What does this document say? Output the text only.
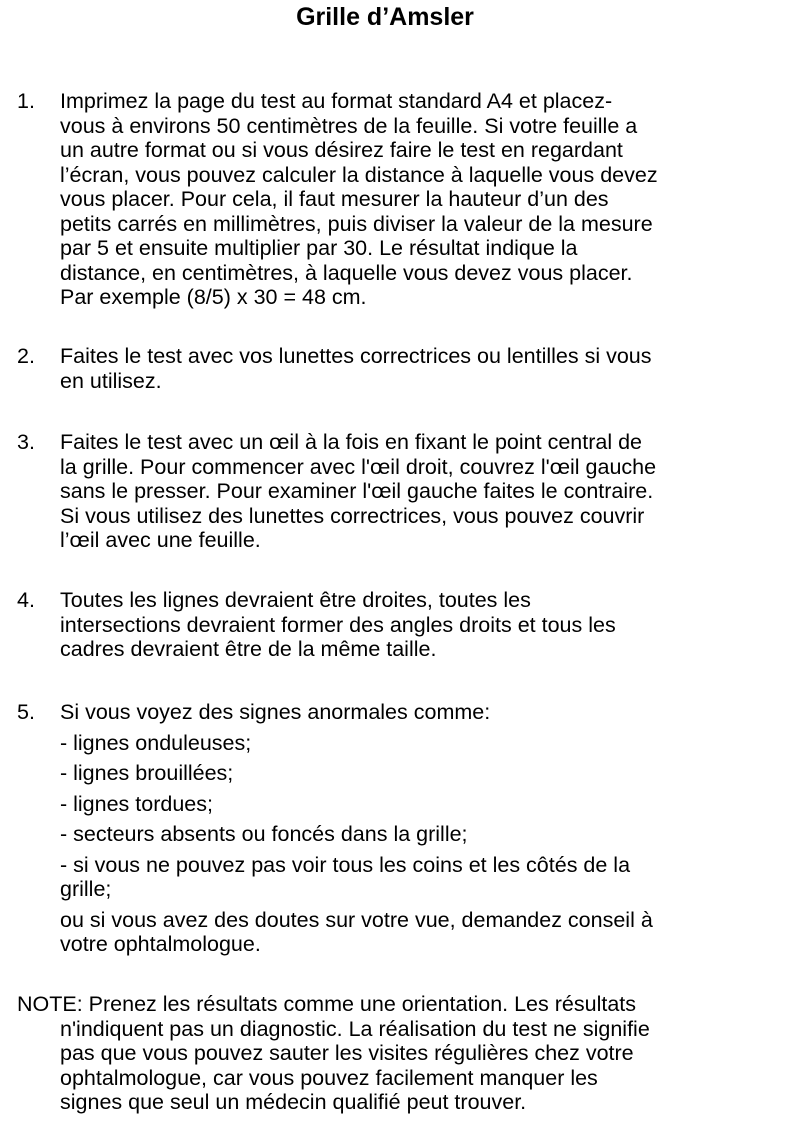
Grille d’Amsler
1. Imprimez la page du test au format standard A4 et placez-
vous à environs 50 centimètres de la feuille. Si votre feuille a
un autre format ou si vous désirez faire le test en regardant
l’écran, vous pouvez calculer la distance à laquelle vous devez
vous placer. Pour cela, il faut mesurer la hauteur d’un des
petits carrés en millimètres, puis diviser la valeur de la mesure
par 5 et ensuite multiplier par 30. Le résultat indique la
distance, en centimètres, à laquelle vous devez vous placer.
Par exemple (8/5) x 30 = 48 cm.
2. Faites le test avec vos lunettes correctrices ou lentilles si vous
en utilisez.
3. Faites le test avec un œil à la fois en fixant le point central de
la grille. Pour commencer avec l'œil droit, couvrez l'œil gauche
sans le presser. Pour examiner l'œil gauche faites le contraire.
Si vous utilisez des lunettes correctrices, vous pouvez couvrir
l’œil avec une feuille.
4. Toutes les lignes devraient être droites, toutes les
intersections devraient former des angles droits et tous les
cadres devraient être de la même taille.
5. Si vous voyez des signes anormales comme:
- lignes onduleuses;
- lignes brouillées;
- lignes tordues;
- secteurs absents ou foncés dans la grille;
- si vous ne pouvez pas voir tous les coins et les côtés de la
grille;
ou si vous avez des doutes sur votre vue, demandez conseil à
votre ophtalmologue.
NOTE: Prenez les résultats comme une orientation. Les résultats
n'indiquent pas un diagnostic. La réalisation du test ne signifie
pas que vous pouvez sauter les visites régulières chez votre
ophtalmologue, car vous pouvez facilement manquer les
signes que seul un médecin qualifié peut trouver.
